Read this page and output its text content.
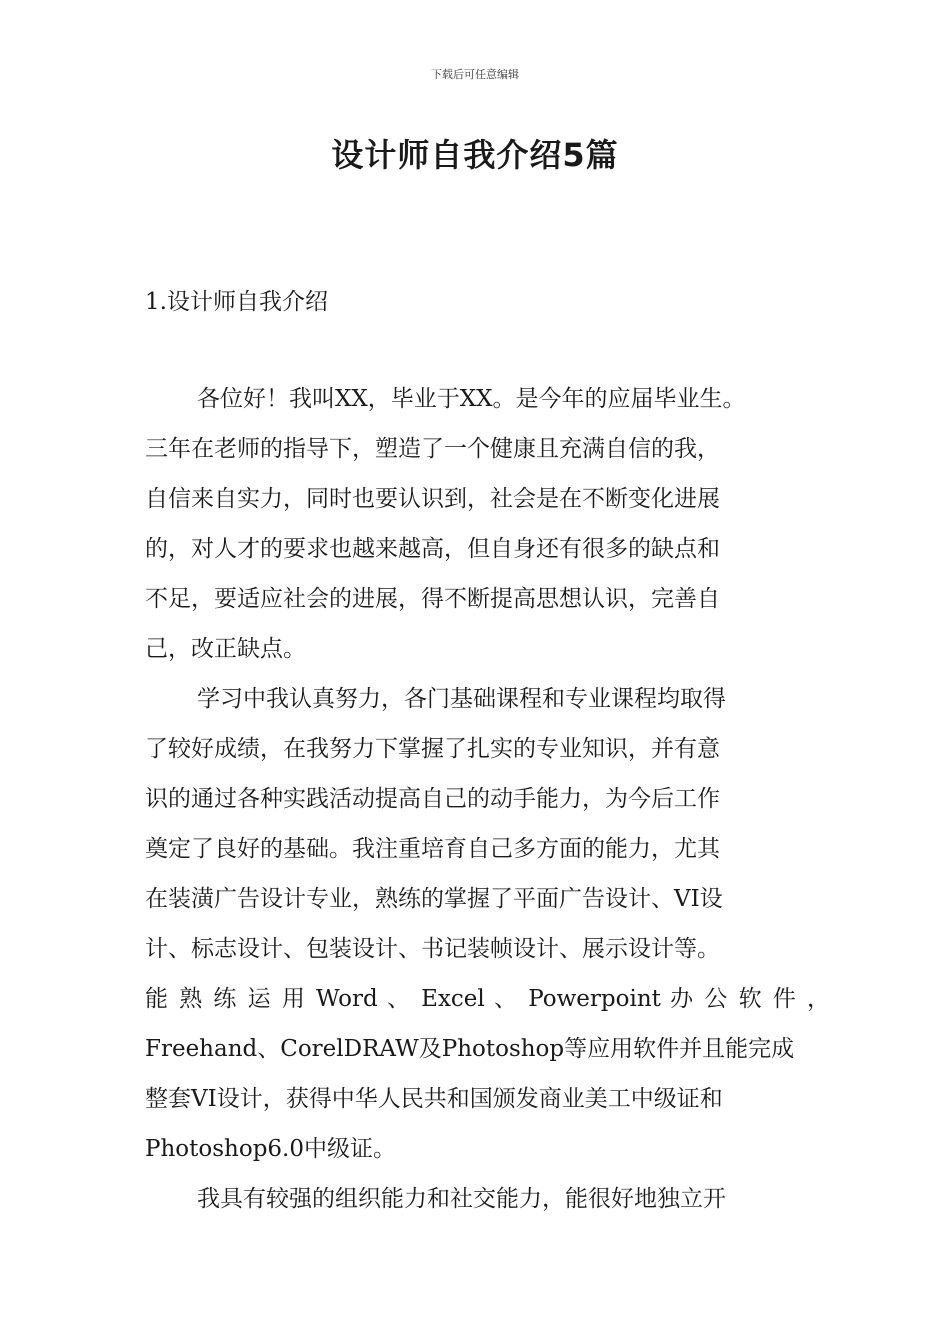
下载后可任意编辑
设计师自我介绍5篇
1.设计师自我介绍

各位好！我叫XX，毕业于XX。是今年的应届毕业生。
三年在老师的指导下，塑造了一个健康且充满自信的我，
自信来自实力，同时也要认识到，社会是在不断变化进展
的，对人才的要求也越来越高，但自身还有很多的缺点和
不足，要适应社会的进展，得不断提高思想认识，完善自
己，改正缺点。

学习中我认真努力，各门基础课程和专业课程均取得
了较好成绩，在我努力下掌握了扎实的专业知识，并有意
识的通过各种实践活动提高自己的动手能力，为今后工作
奠定了良好的基础。我注重培育自己多方面的能力，尤其
在装潢广告设计专业，熟练的掌握了平面广告设计、VI设
计、标志设计、包装设计、书记装帧设计、展示设计等。
能 熟 练 运 用 Word 、 Excel 、 Powerpoint 办 公 软 件 ，
Freehand、CorelDRAW及Photoshop等应用软件并且能完成
整套VI设计，获得中华人民共和国颁发商业美工中级证和
Photoshop6.0中级证。

我具有较强的组织能力和社交能力，能很好地独立开
